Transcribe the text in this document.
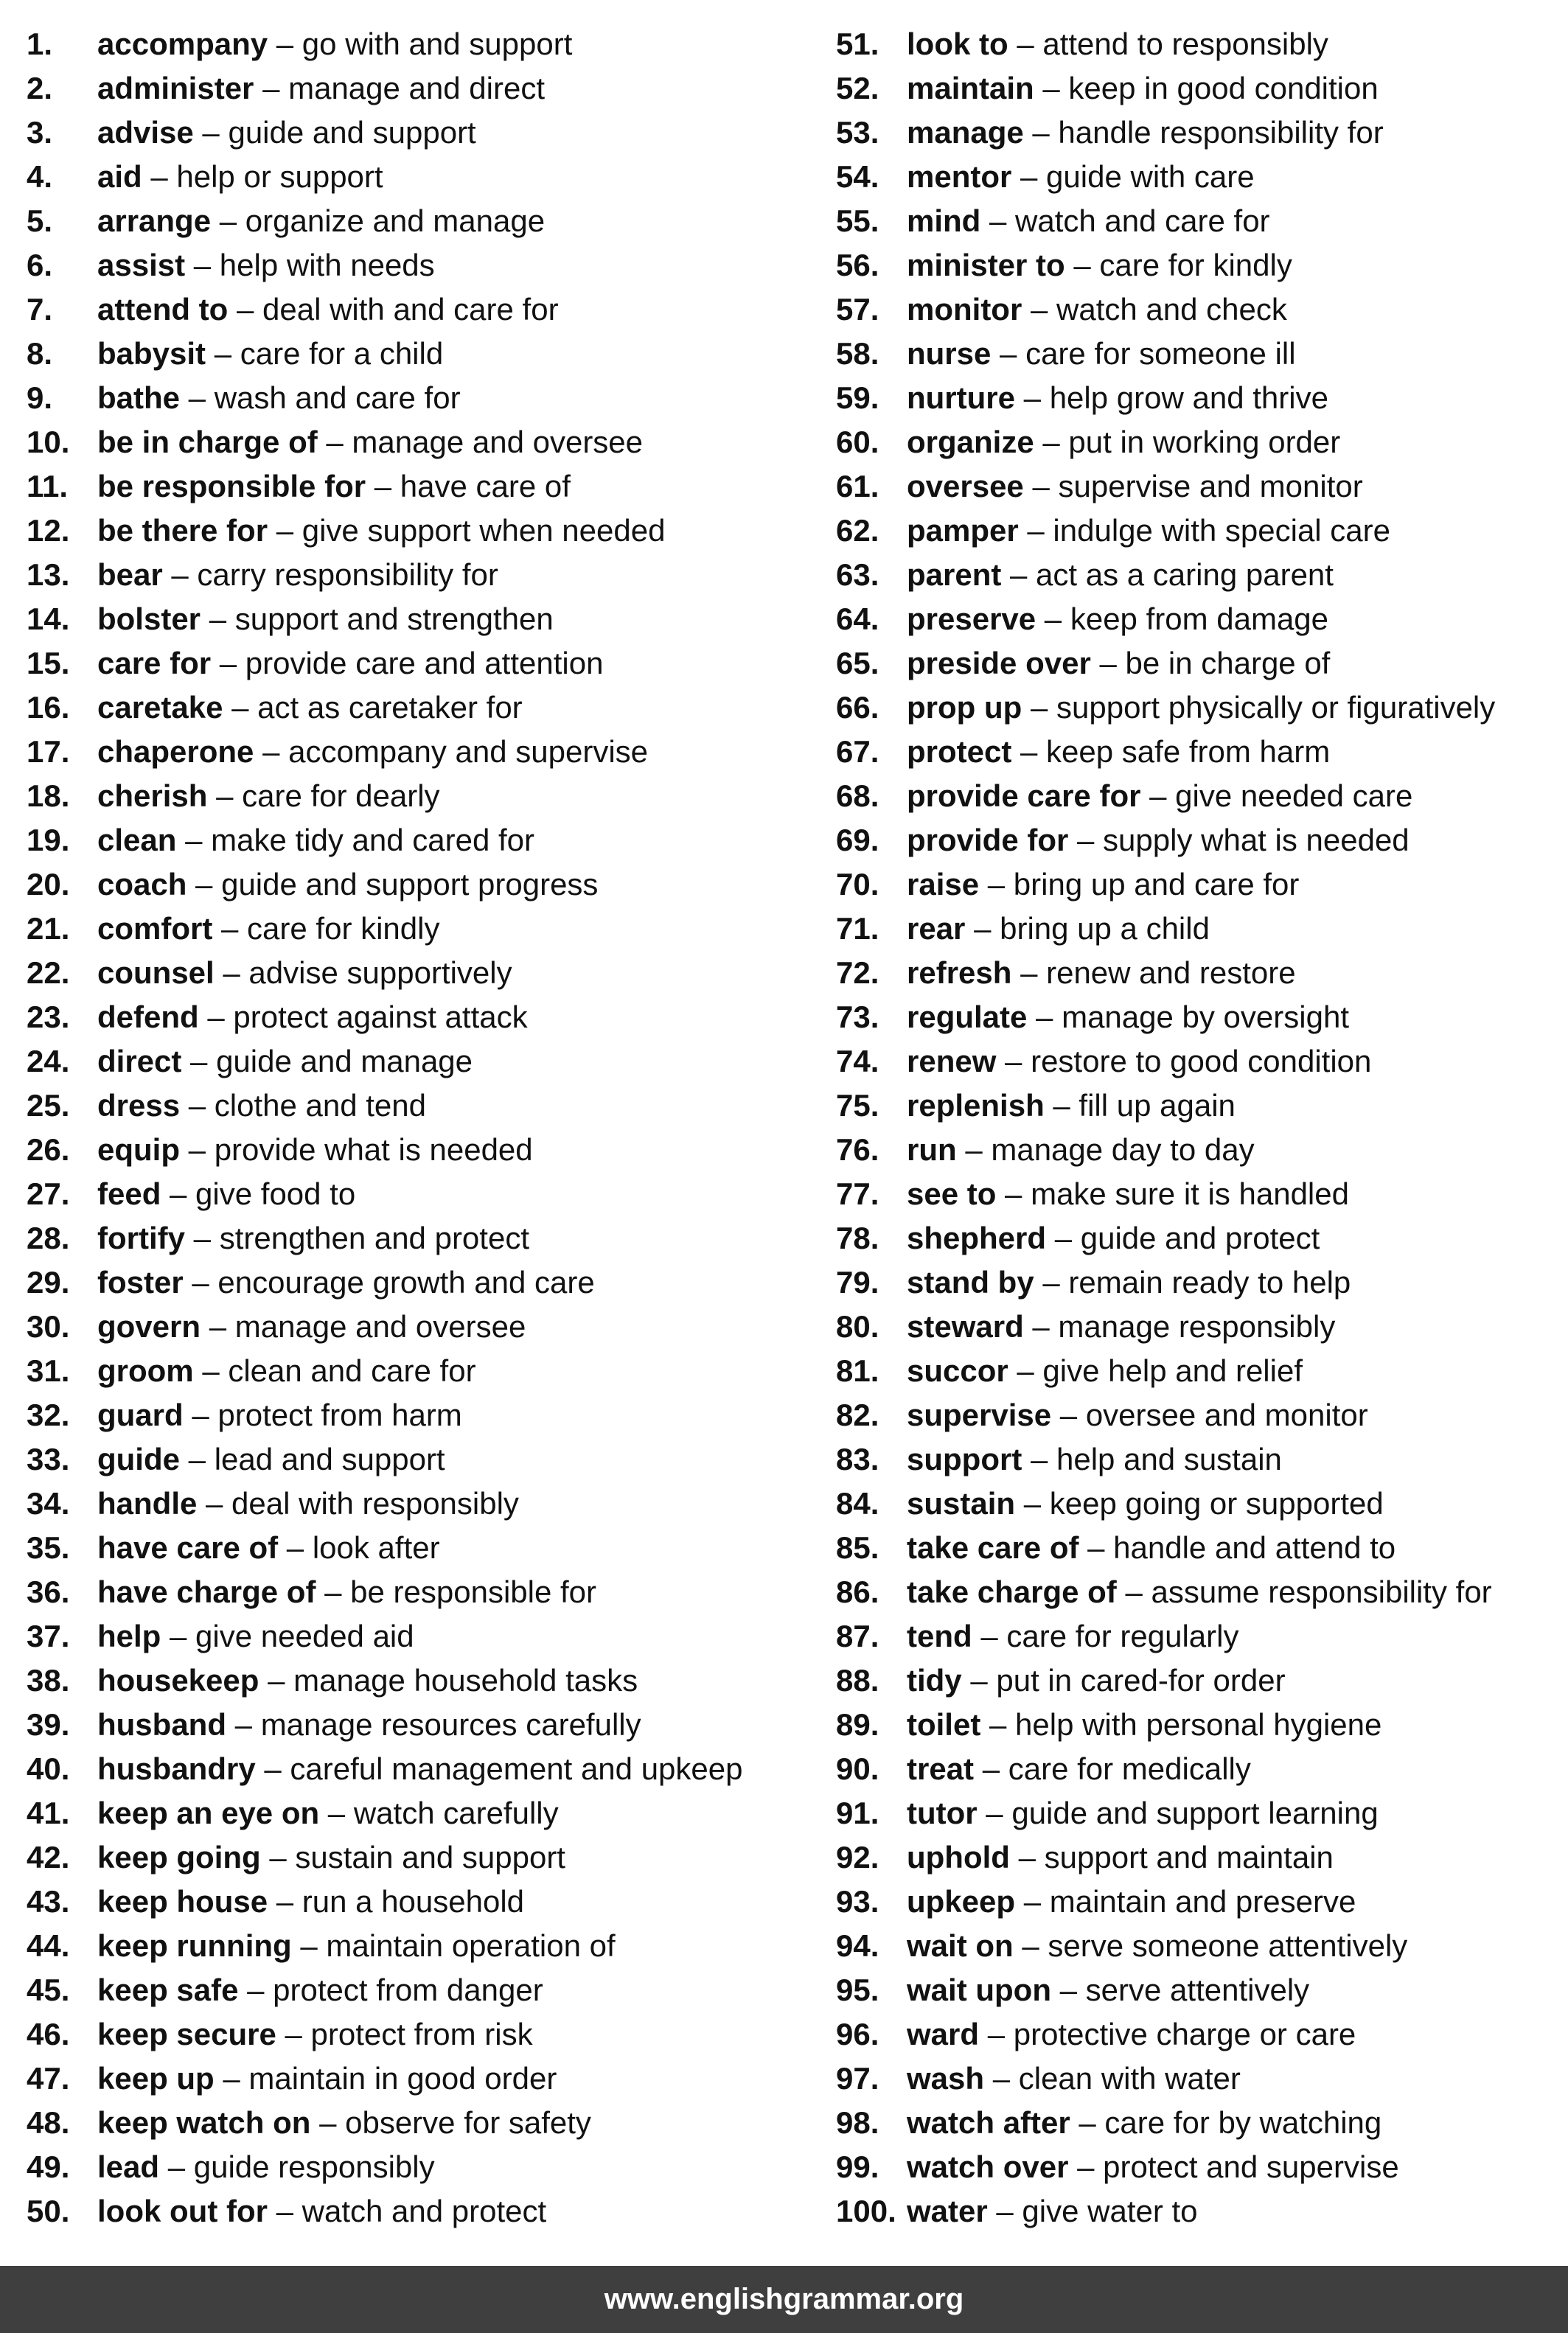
1. accompany – go with and support
2. administer – manage and direct
3. advise – guide and support
4. aid – help or support
5. arrange – organize and manage
6. assist – help with needs
7. attend to – deal with and care for
8. babysit – care for a child
9. bathe – wash and care for
10. be in charge of – manage and oversee
11. be responsible for – have care of
12. be there for – give support when needed
13. bear – carry responsibility for
14. bolster – support and strengthen
15. care for – provide care and attention
16. caretake – act as caretaker for
17. chaperone – accompany and supervise
18. cherish – care for dearly
19. clean – make tidy and cared for
20. coach – guide and support progress
21. comfort – care for kindly
22. counsel – advise supportively
23. defend – protect against attack
24. direct – guide and manage
25. dress – clothe and tend
26. equip – provide what is needed
27. feed – give food to
28. fortify – strengthen and protect
29. foster – encourage growth and care
30. govern – manage and oversee
31. groom – clean and care for
32. guard – protect from harm
33. guide – lead and support
34. handle – deal with responsibly
35. have care of – look after
36. have charge of – be responsible for
37. help – give needed aid
38. housekeep – manage household tasks
39. husband – manage resources carefully
40. husbandry – careful management and upkeep
41. keep an eye on – watch carefully
42. keep going – sustain and support
43. keep house – run a household
44. keep running – maintain operation of
45. keep safe – protect from danger
46. keep secure – protect from risk
47. keep up – maintain in good order
48. keep watch on – observe for safety
49. lead – guide responsibly
50. look out for – watch and protect
51. look to – attend to responsibly
52. maintain – keep in good condition
53. manage – handle responsibility for
54. mentor – guide with care
55. mind – watch and care for
56. minister to – care for kindly
57. monitor – watch and check
58. nurse – care for someone ill
59. nurture – help grow and thrive
60. organize – put in working order
61. oversee – supervise and monitor
62. pamper – indulge with special care
63. parent – act as a caring parent
64. preserve – keep from damage
65. preside over – be in charge of
66. prop up – support physically or figuratively
67. protect – keep safe from harm
68. provide care for – give needed care
69. provide for – supply what is needed
70. raise – bring up and care for
71. rear – bring up a child
72. refresh – renew and restore
73. regulate – manage by oversight
74. renew – restore to good condition
75. replenish – fill up again
76. run – manage day to day
77. see to – make sure it is handled
78. shepherd – guide and protect
79. stand by – remain ready to help
80. steward – manage responsibly
81. succor – give help and relief
82. supervise – oversee and monitor
83. support – help and sustain
84. sustain – keep going or supported
85. take care of – handle and attend to
86. take charge of – assume responsibility for
87. tend – care for regularly
88. tidy – put in cared-for order
89. toilet – help with personal hygiene
90. treat – care for medically
91. tutor – guide and support learning
92. uphold – support and maintain
93. upkeep – maintain and preserve
94. wait on – serve someone attentively
95. wait upon – serve attentively
96. ward – protective charge or care
97. wash – clean with water
98. watch after – care for by watching
99. watch over – protect and supervise
100. water – give water to
www.englishgrammar.org
